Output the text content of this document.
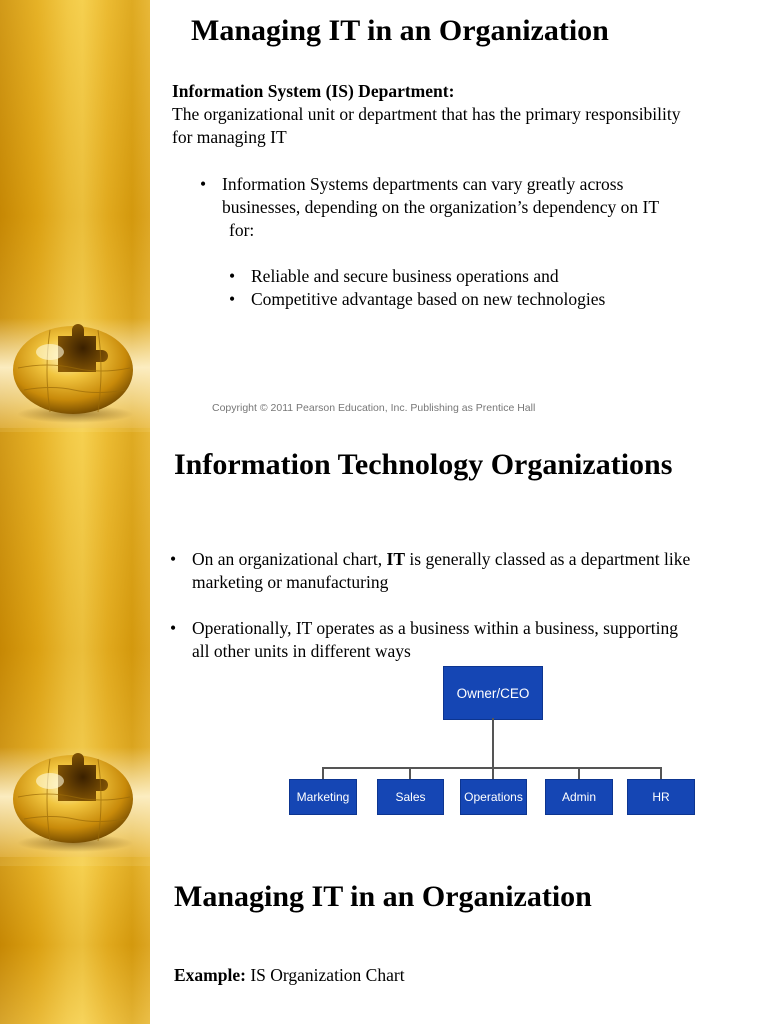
Managing IT in an Organization
Information System (IS) Department:
The organizational unit or department that has the primary responsibility
for managing IT
• Information Systems departments can vary greatly across
businesses, depending on the organization’s dependency on IT
for:
• Reliable and secure business operations and
• Competitive advantage based on new technologies
Copyright © 2011 Pearson Education, Inc. Publishing as Prentice Hall
Information Technology Organizations
• On an organizational chart, IT is generally classed as a department like
marketing or manufacturing
• Operationally, IT operates as a business within a business, supporting
all other units in different ways
Owner/CEO
Marketing	Sales	Operations	Admin	HR
Managing IT in an Organization
Example: IS Organization Chart
